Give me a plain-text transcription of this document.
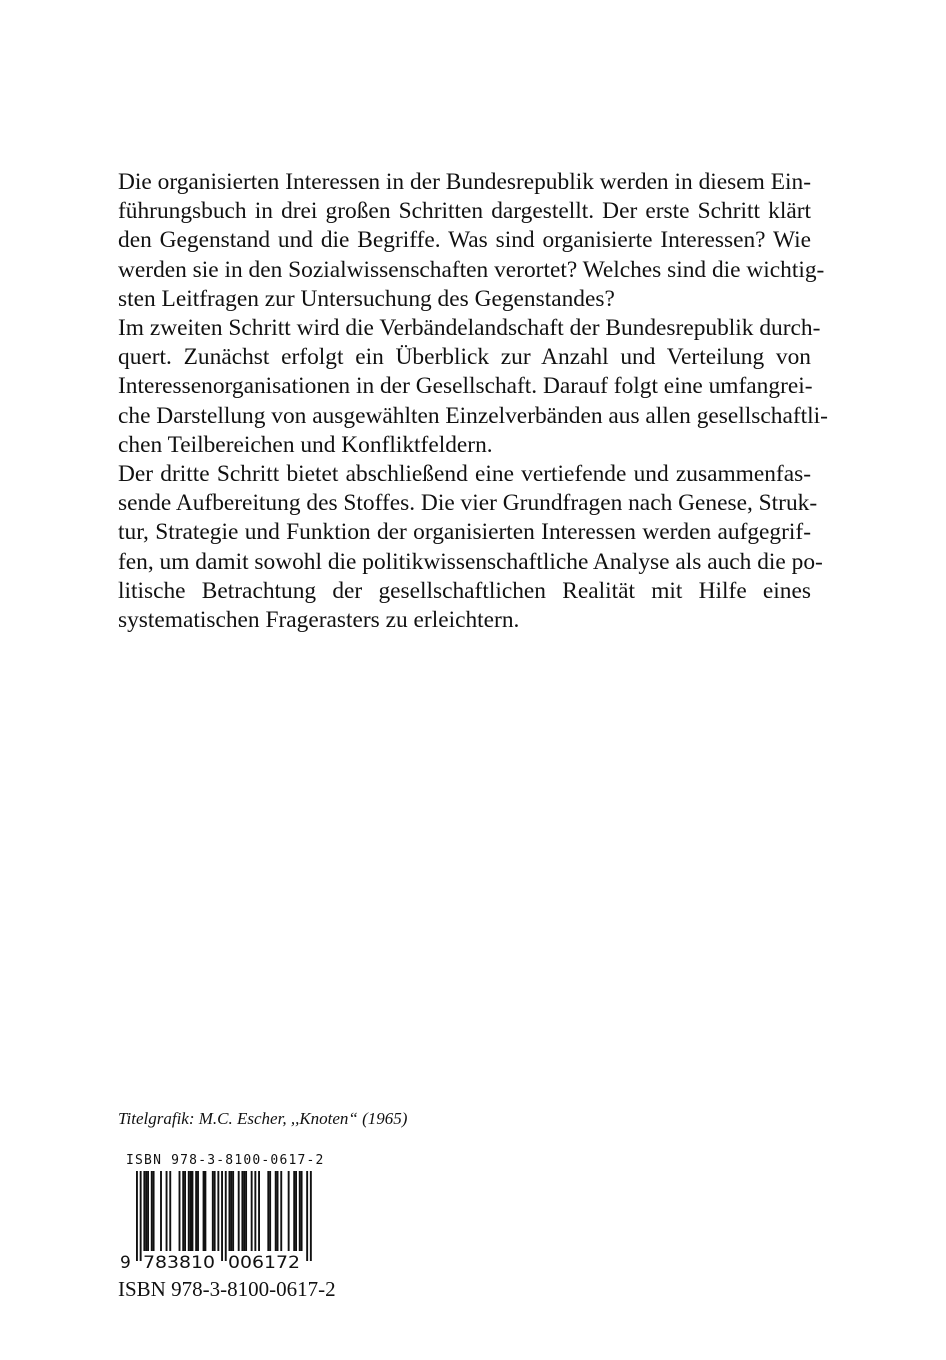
Die organisierten Interessen in der Bundesrepublik werden in diesem Ein-
führungsbuch in drei großen Schritten dargestellt. Der erste Schritt klärt
den Gegenstand und die Begriffe. Was sind organisierte Interessen? Wie
werden sie in den Sozialwissenschaften verortet? Welches sind die wichtig-
sten Leitfragen zur Untersuchung des Gegenstandes?
Im zweiten Schritt wird die Verbändelandschaft der Bundesrepublik durch-
quert. Zunächst erfolgt ein Überblick zur Anzahl und Verteilung von
Interessenorganisationen in der Gesellschaft. Darauf folgt eine umfangrei-
che Darstellung von ausgewählten Einzelverbänden aus allen gesellschaftli-
chen Teilbereichen und Konfliktfeldern.
Der dritte Schritt bietet abschließend eine vertiefende und zusammenfas-
sende Aufbereitung des Stoffes. Die vier Grundfragen nach Genese, Struk-
tur, Strategie und Funktion der organisierten Interessen werden aufgegrif-
fen, um damit sowohl die politikwissenschaftliche Analyse als auch die po-
litische Betrachtung der gesellschaftlichen Realität mit Hilfe eines
systematischen Fragerasters zu erleichtern.
Titelgrafik: M.C. Escher, ,,Knoten“ (1965)
ISBN 978-3-8100-0617-2
9 783810 006172
ISBN 978-3-8100-0617-2
